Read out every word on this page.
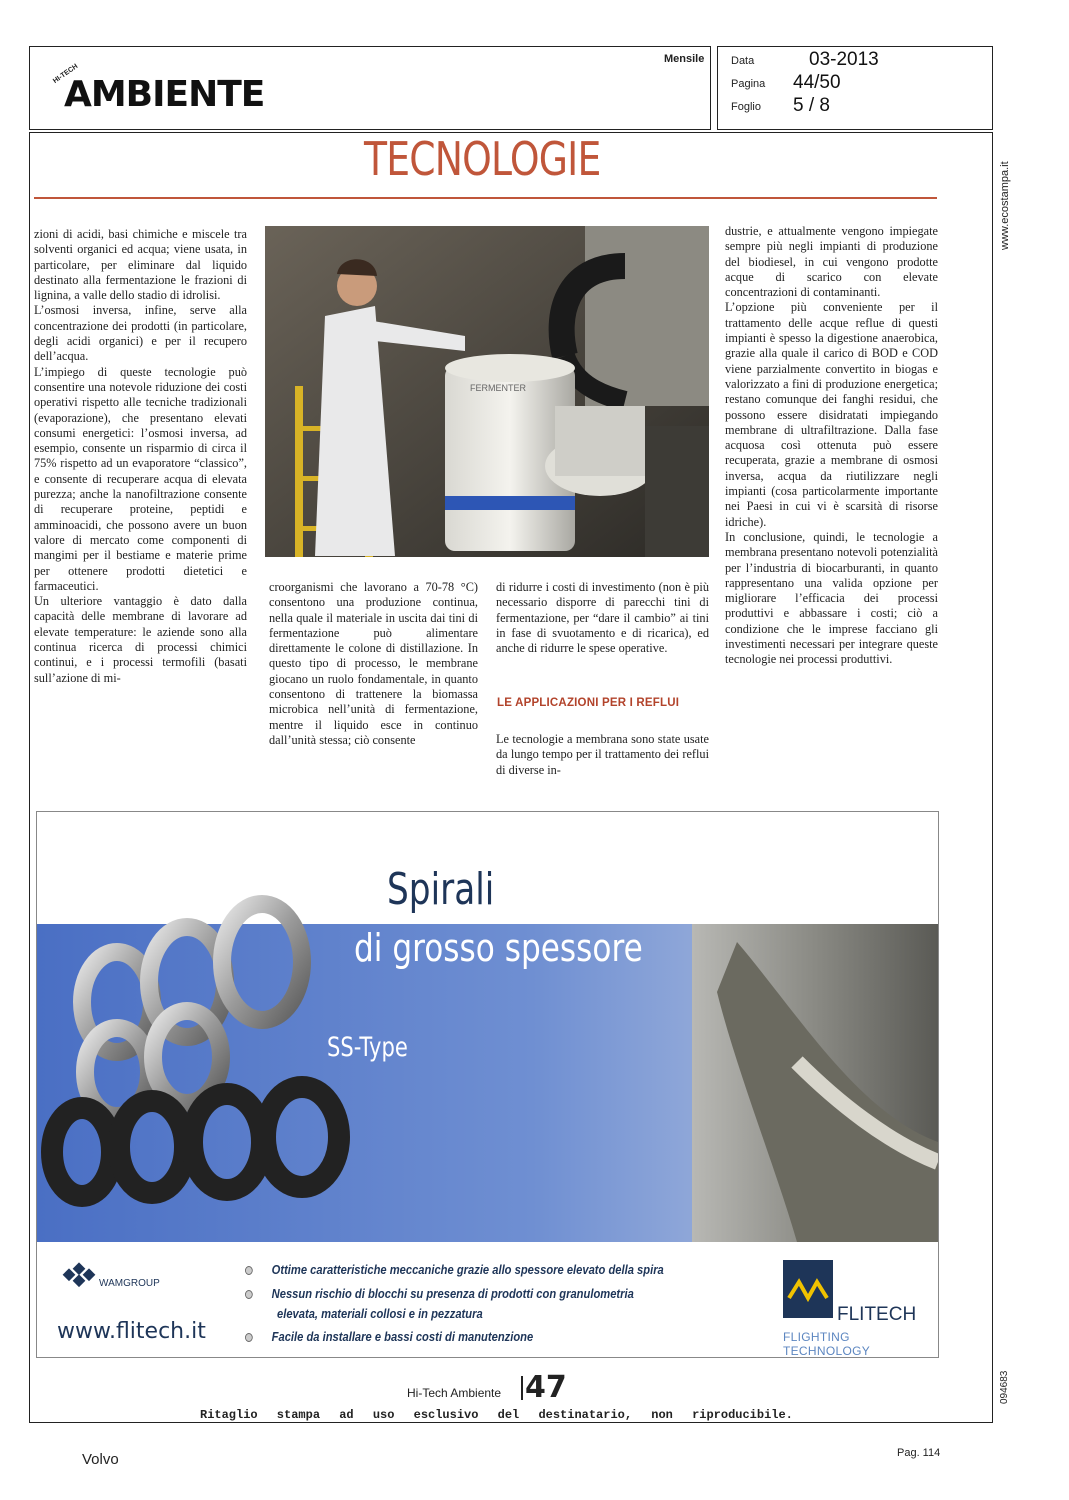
HI-TECH
AMBIENTE
Mensile Data	03-2013
Pagina 44/50
Foglio 5 / 8
TECNOLOGIE
www.ecostampa.it
094683

zioni di acidi, basi chimiche e miscele tra solventi organici ed acqua; viene usata, in particolare, per eliminare dal liquido destinato alla fermentazione le frazioni di lignina, a valle dello stadio di idrolisi.

L’osmosi inversa, infine, serve alla concentrazione dei prodotti (in particolare, degli acidi organici) e per il recupero dell’acqua.

L’impiego di queste tecnologie può consentire una notevole riduzione dei costi operativi rispetto alle tecniche tradizionali (evaporazione), che presentano elevati consumi energetici: l’osmosi inversa, ad esempio, consente un risparmio di circa il 75% rispetto ad un evaporatore “classico”, e consente di recuperare acqua di elevata purezza; anche la nanofiltrazione consente di recuperare proteine, peptidi e amminoacidi, che possono avere un buon valore di mercato come componenti di mangimi per il bestiame e materie prime per ottenere prodotti dietetici e farmaceutici.

Un ulteriore vantaggio è dato dalla capacità delle membrane di lavorare ad elevate temperature: le aziende sono alla continua ricerca di processi chimici continui, e i processi termofili (basati sull’azione di mi-

FERMENTER

croorganismi che lavorano a 70-78 °C) consentono una produzione continua, nella quale il materiale in uscita dai tini di fermentazione può alimentare direttamente le colone di distillazione. In questo tipo di processo, le membrane giocano un ruolo fondamentale, in quanto consentono di trattenere la biomassa microbica nell’unità di fermentazione, mentre il liquido esce in continuo dall’unità stessa; ciò consente

di ridurre i costi di investimento (non è più necessario disporre di parecchi tini di fermentazione, per “dare il cambio” ai tini in fase di svuotamento e di ricarica), ed anche di ridurre le spese operative.

LE APPLICAZIONI PER I REFLUI

Le tecnologie a membrana sono state usate da lungo tempo per il trattamento dei reflui di diverse in-

dustrie, e attualmente vengono impiegate sempre più negli impianti di produzione del biodiesel, in cui vengono prodotte acque di scarico con elevate concentrazioni di contaminanti.

L’opzione più conveniente per il trattamento delle acque reflue di questi impianti è spesso la digestione anaerobica, grazie alla quale il carico di BOD e COD viene parzialmente convertito in biogas e valorizzato a fini di produzione energetica; restano comunque dei fanghi residui, che possono essere disidratati impiegando membrane di ultrafiltrazione. Dalla fase acquosa così ottenuta può essere recuperata, grazie a membrane di osmosi inversa, acqua da riutilizzare negli impianti (cosa particolarmente importante nei Paesi in cui vi è scarsità di risorse idriche).

In conclusione, quindi, le tecnologie a membrana presentano notevoli potenzialità per l’industria di biocarburanti, in quanto rappresentano una valida opzione per migliorare l’efficacia dei processi produttivi e abbassare i costi; ciò a condizione che le imprese facciano gli investimenti necessari per integrare queste tecnologie nei processi produttivi.

Spirali
di grosso spessore
SS-Type
Ottime caratteristiche meccaniche grazie allo spessore elevato della spira
Nessun rischio di blocchi su presenza di prodotti con granulometria
elevata, materiali collosi e in pezzatura
Facile da installare e bassi costi di manutenzione
WAMGROUP
www.flitech.it
FLITECH
FLIGHTING TECHNOLOGY
Hi-Tech Ambiente 47
Ritaglio stampa ad uso esclusivo del destinatario, non riproducibile.
Volvo	Pag. 114
